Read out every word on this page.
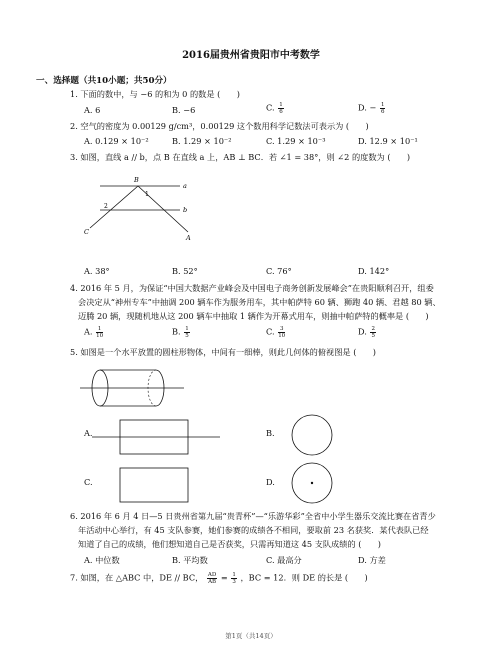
2016届贵州省贵阳市中考数学
一、选择题（共10小题；共50分）
1. 下面的数中，与 −6 的和为 0 的数是 (　　)
A. 6	B. −6	C. $\frac{1}{6}$	D. − $\frac{1}{6}$
2. 空气的密度为 0.00129 g/cm³，0.00129 这个数用科学记数法可表示为 (　　)
A. 0.129 × 10⁻²	B. 1.29 × 10⁻²	C. 1.29 × 10⁻³	D. 12.9 × 10⁻¹
3. 如图，直线 a // b，点 B 在直线 a 上，AB ⊥ BC．若 ∠1 = 38°，则 ∠2 的度数为 (　　)
B
a
b
1
2
C
A
A. 38°	B. 52°	C. 76°	D. 142°
4. 2016 年 5 月，为保证“中国大数据产业峰会及中国电子商务创新发展峰会”在贵阳顺利召开，组委
会决定从“神州专车”中抽调 200 辆车作为服务用车，其中帕萨特 60 辆、狮跑 40 辆、君越 80 辆、
迈腾 20 辆，现随机地从这 200 辆车中抽取 1 辆作为开幕式用车，则抽中帕萨特的概率是 (　　)
A. $\frac{1}{10}$	B. $\frac{1}{5}$	C. $\frac{3}{10}$	D. $\frac{2}{5}$
5. 如图是一个水平放置的圆柱形物体，中间有一细棒，则此几何体的俯视图是 (　　)
A.	B.
C.	D.
6. 2016 年 6 月 4 日—5 日贵州省第九届“贵青杯”—“乐游华彩”全省中小学生器乐交流比赛在省青少
年活动中心举行，有 45 支队参赛，她们参赛的成绩各不相同，要取前 23 名获奖．某代表队已经
知道了自己的成绩，他们想知道自己是否获奖，只需再知道这 45 支队成绩的 (　　)
A. 中位数	B. 平均数	C. 最高分	D. 方差
7. 如图，在 △ABC 中，DE // BC， $\frac{AD}{AB} = \frac{1}{3}$ ，BC = 12．则 DE 的长是 (　　)
第1页（共14页）
